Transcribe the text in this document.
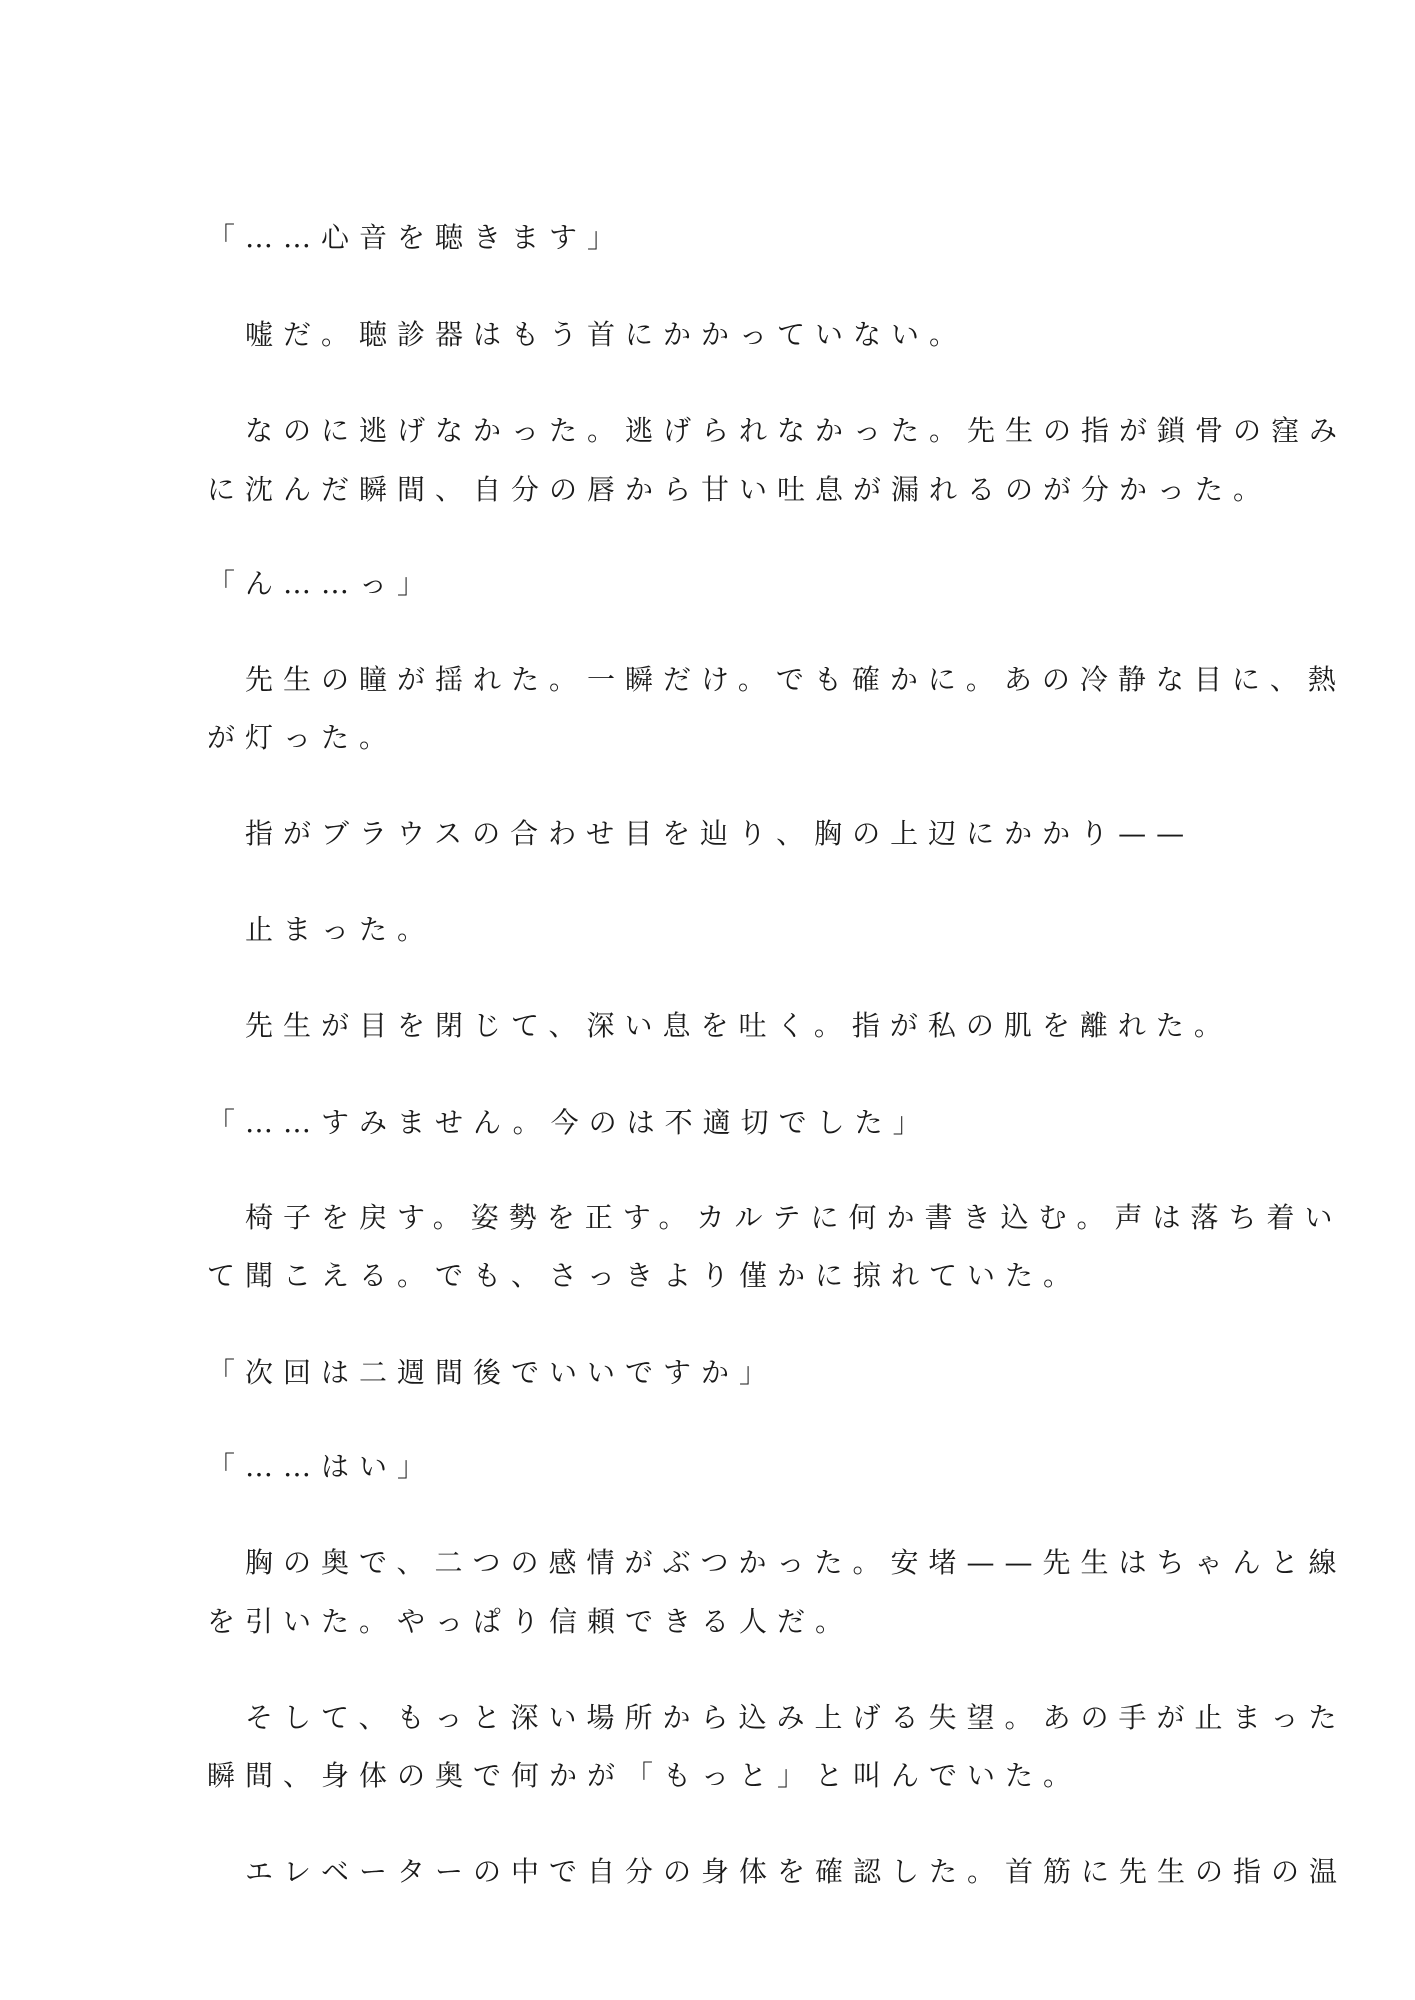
「……心音を聴きます」
　嘘だ。聴診器はもう首にかかっていない。
　なのに逃げなかった。逃げられなかった。先生の指が鎖骨の窪み
に沈んだ瞬間、自分の唇から甘い吐息が漏れるのが分かった。
「ん……っ」
　先生の瞳が揺れた。一瞬だけ。でも確かに。あの冷静な目に、熱
が灯った。
　指がブラウスの合わせ目を辿り、胸の上辺にかかり——
　止まった。
　先生が目を閉じて、深い息を吐く。指が私の肌を離れた。
「……すみません。今のは不適切でした」
　椅子を戻す。姿勢を正す。カルテに何か書き込む。声は落ち着い
て聞こえる。でも、さっきより僅かに掠れていた。
「次回は二週間後でいいですか」
「……はい」
　胸の奥で、二つの感情がぶつかった。安堵——先生はちゃんと線
を引いた。やっぱり信頼できる人だ。
　そして、もっと深い場所から込み上げる失望。あの手が止まった
瞬間、身体の奥で何かが「もっと」と叫んでいた。
　エレベーターの中で自分の身体を確認した。首筋に先生の指の温
